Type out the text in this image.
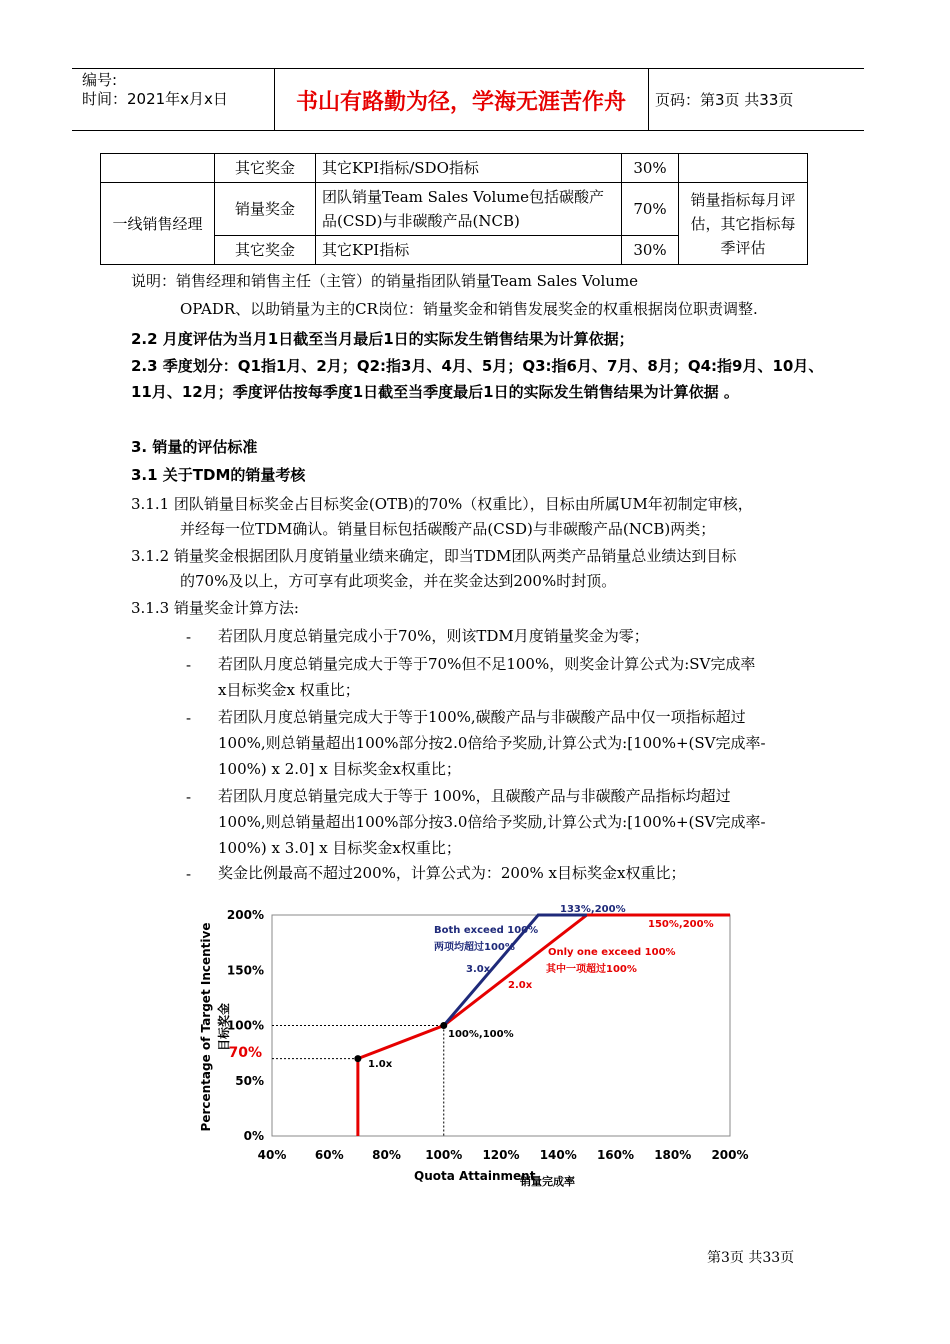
编号:
时间：2021年x月x日	书山有路勤为径，学海无涯苦作舟	页码：第3页 共33页
	其它奖金	其它KPI指标/SDO指标	30%	
一线销售经理	销量奖金	团队销量Team Sales Volume包括碳酸产品(CSD)与非碳酸产品(NCB)	70%	销量指标每月评估，其它指标每季评估
	其它奖金	其它KPI指标	30%	
说明：销售经理和销售主任（主管）的销量指团队销量Team Sales Volume
OPADR、以助销量为主的CR岗位：销量奖金和销售发展奖金的权重根据岗位职责调整.
2.2 月度评估为当月1日截至当月最后1日的实际发生销售结果为计算依据；
2.3 季度划分：Q1指1月、2月；Q2:指3月、4月、5月；Q3:指6月、7月、8月；Q4:指9月、10月、
11月、12月；季度评估按每季度1日截至当季度最后1日的实际发生销售结果为计算依据 。
3. 销量的评估标准
3.1 关于TDM的销量考核
3.1.1 团队销量目标奖金占目标奖金(OTB)的70%（权重比），目标由所属UM年初制定审核，
并经每一位TDM确认。销量目标包括碳酸产品(CSD)与非碳酸产品(NCB)两类；
3.1.2 销量奖金根据团队月度销量业绩来确定，即当TDM团队两类产品销量总业绩达到目标
的70%及以上，方可享有此项奖金，并在奖金达到200%时封顶。
3.1.3 销量奖金计算方法:
- 若团队月度总销量完成小于70%，则该TDM月度销量奖金为零；
- 若团队月度总销量完成大于等于70%但不足100%，则奖金计算公式为:SV完成率
x目标奖金x 权重比；
- 若团队月度总销量完成大于等于100%,碳酸产品与非碳酸产品中仅一项指标超过
100%,则总销量超出100%部分按2.0倍给予奖励,计算公式为:[100%+(SV完成率-
100%) x 2.0] x 目标奖金x权重比；
- 若团队月度总销量完成大于等于 100%，且碳酸产品与非碳酸产品指标均超过
100%,则总销量超出100%部分按3.0倍给予奖励,计算公式为:[100%+(SV完成率-
100%) x 3.0] x 目标奖金x权重比；
- 奖金比例最高不超过200%，计算公式为：200% x目标奖金x权重比；
40% 60% 80% 100% 120% 140% 160% 180% 200%
0%
50%
100%
150%
200%
70%
Quota Attainment
销量完成率
Percentage of Target Incentive 目标奖金
Both exceed 100%
两项均超过100%
3.0x
Only one exceed 100%
其中一项超过100%
2.0x
1.0x
100%,100%
133%,200%
150%,200%
第3页 共33页
